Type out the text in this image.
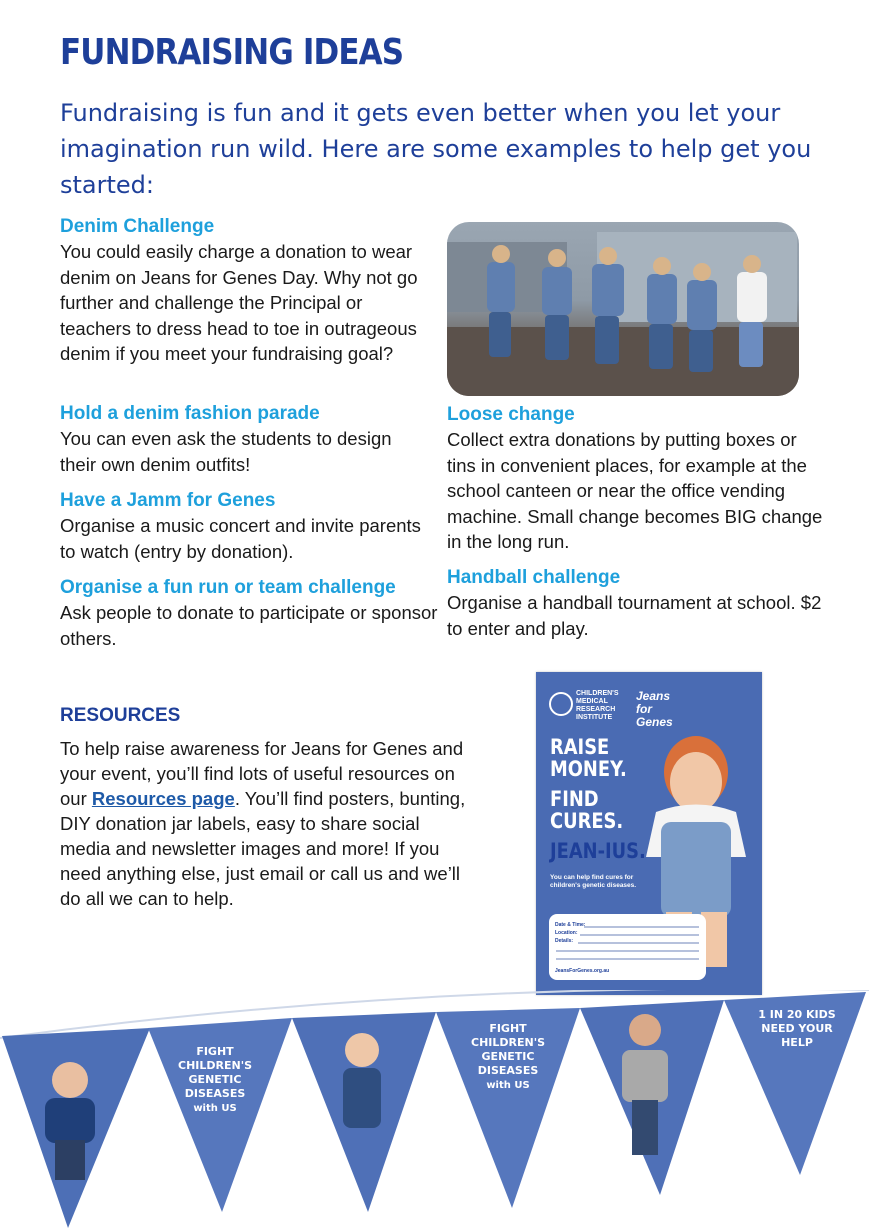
FUNDRAISING IDEAS

Fundraising is fun and it gets even better when you let your imagination run wild. Here are some examples to help get you started:

Denim Challenge

You could easily charge a donation to wear denim on Jeans for Genes Day. Why not go further and challenge the Principal or teachers to dress head to toe in outrageous denim if you meet your fundraising goal?

Hold a denim fashion parade

You can even ask the students to design their own denim outfits!

Have a Jamm for Genes

Organise a music concert and invite parents to watch (entry by donation).

Organise a fun run or team challenge

Ask people to donate to participate or sponsor others.

Loose change

Collect extra donations by putting boxes or tins in convenient places, for example at the school canteen or near the office vending machine. Small change becomes BIG change in the long run.

Handball challenge

Organise a handball tournament at school. $2 to enter and play.

RESOURCES

To help raise awareness for Jeans for Genes and your event, you’ll find lots of useful resources on our Resources page. You’ll find posters, bunting, DIY donation jar labels, easy to share social media and newsletter images and more! If you need anything else, just email or call us and we’ll do all we can to help.

CHILDREN'S
MEDICAL
RESEARCH
INSTITUTE
Jeans for Genes
RAISE
MONEY.
FIND
CURES.
JEAN-IUS.
You can help find cures for children's genetic diseases.
Date & Time:
Location:
Details:
JeansForGenes.org.au
FIGHT
CHILDREN'S
GENETIC
DISEASES
with US
FIGHT
CHILDREN'S
GENETIC
DISEASES
with US
1 IN 20 KIDS
NEED YOUR
HELP
